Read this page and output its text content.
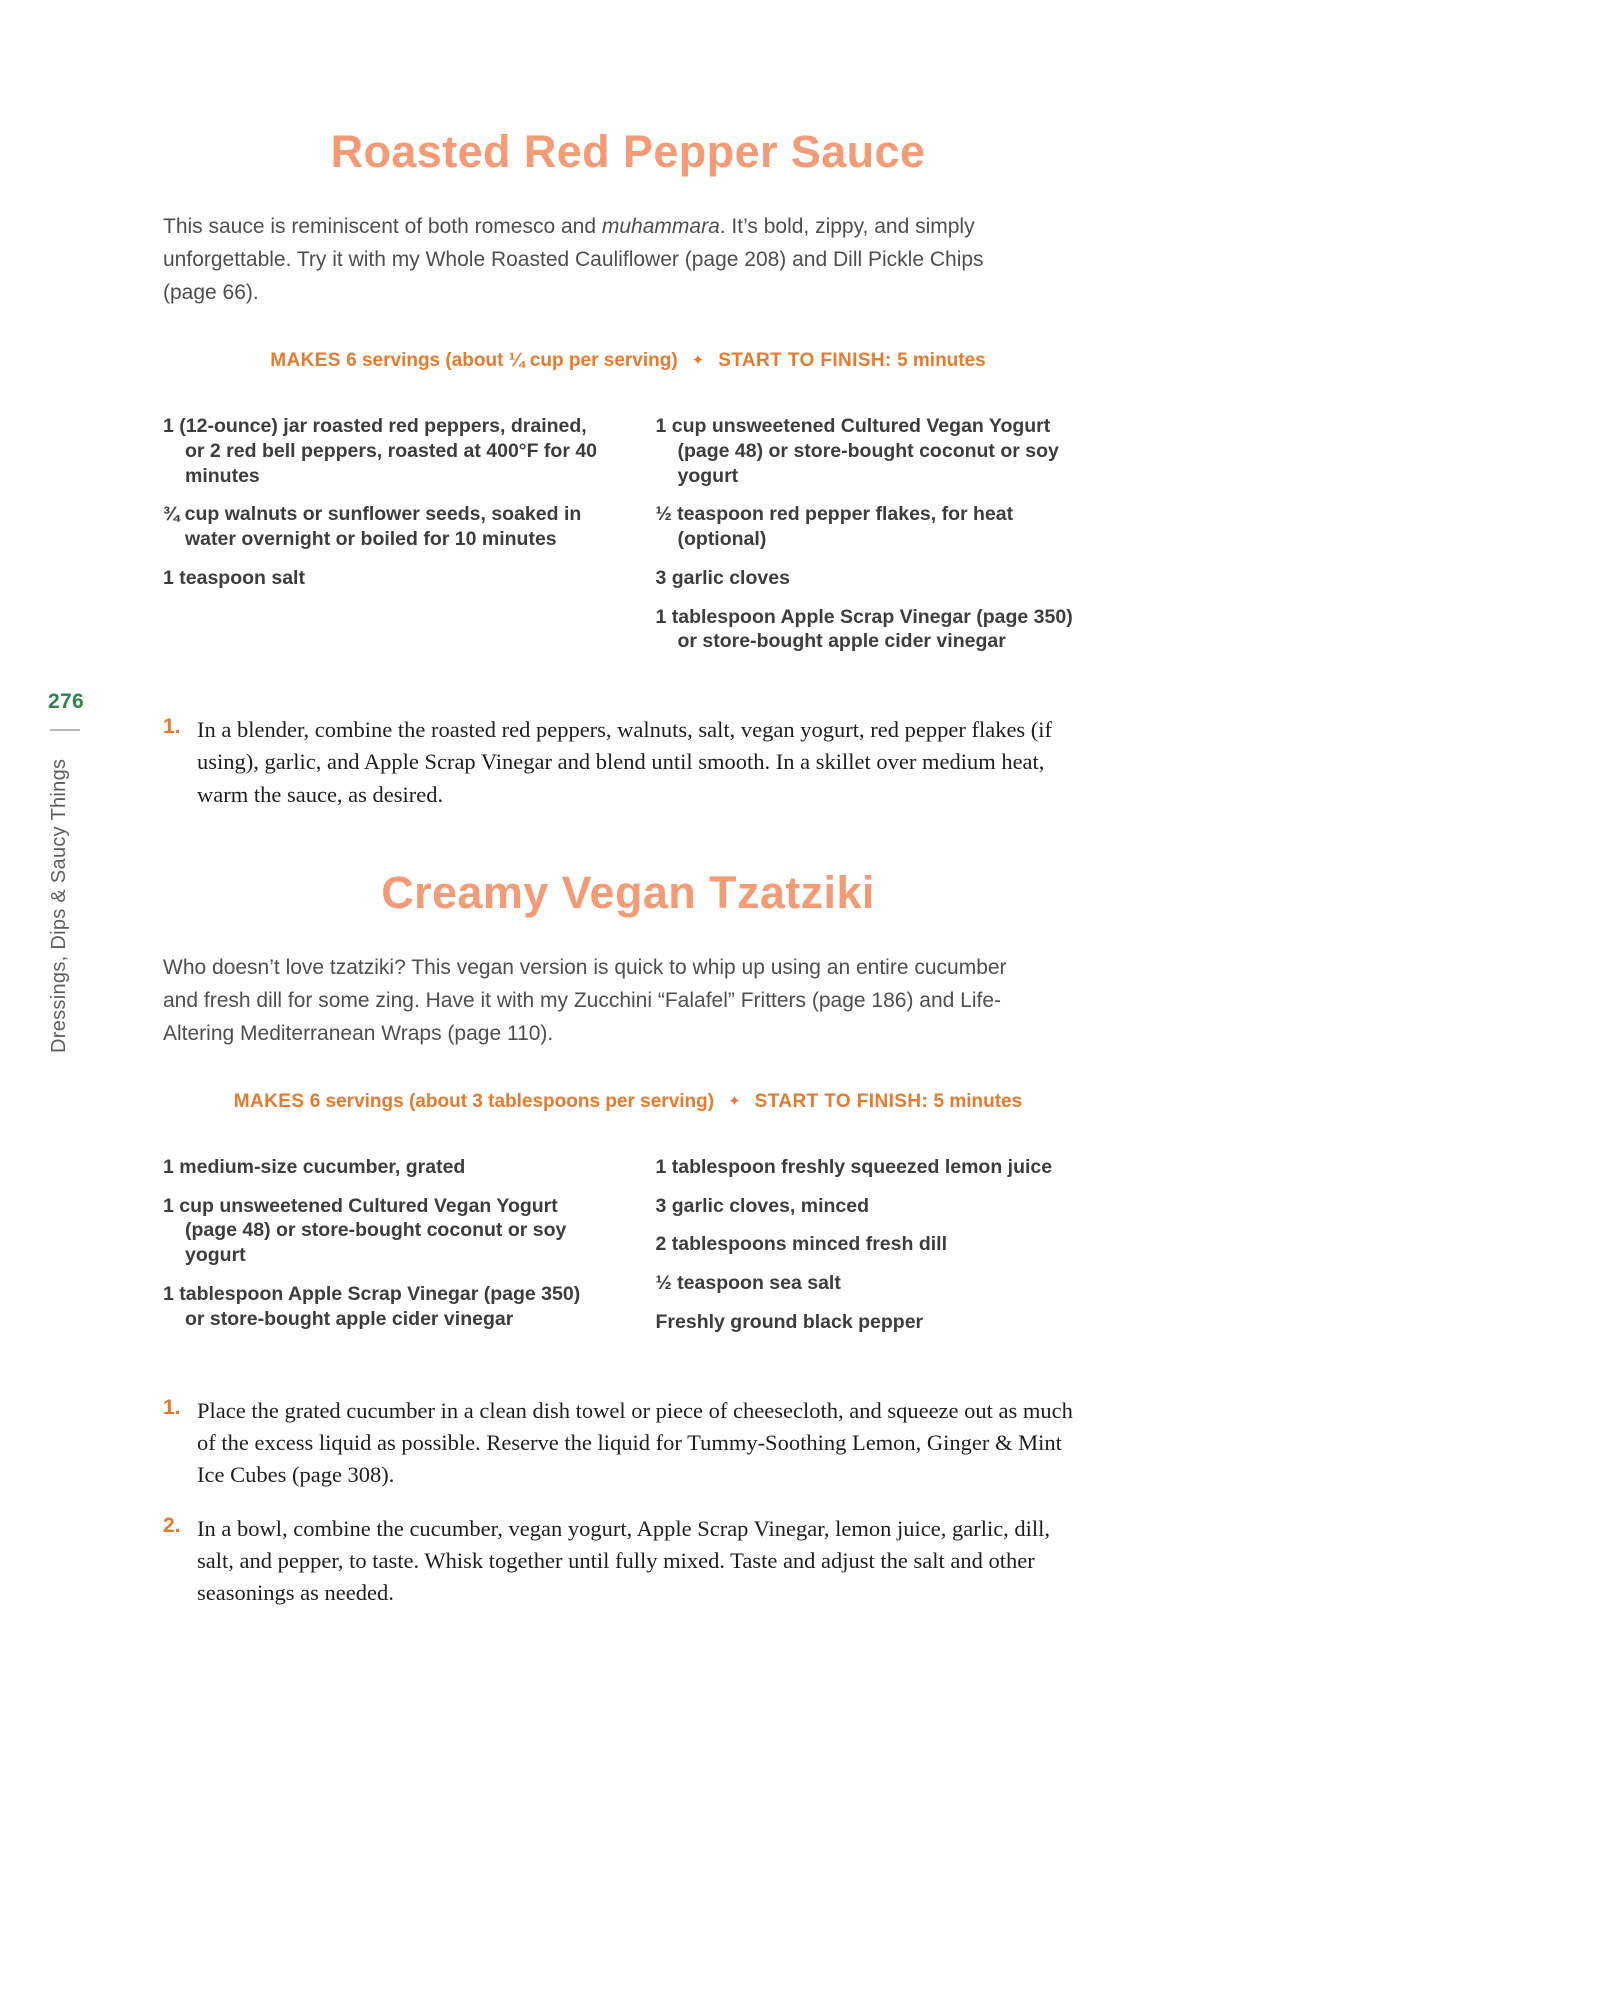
276
Dressings, Dips & Saucy Things
Roasted Red Pepper Sauce

This sauce is reminiscent of both romesco and muhammara. It’s bold, zippy, and simply unforgettable. Try it with my Whole Roasted Cauliflower (page 208) and Dill Pickle Chips (page 66).

MAKES 6 servings (about ¼ cup per serving) ✦ START TO FINISH: 5 minutes

1 (12-ounce) jar roasted red peppers, drained, or 2 red bell peppers, roasted at 400°F for 40 minutes

¾ cup walnuts or sunflower seeds, soaked in water overnight or boiled for 10 minutes

1 teaspoon salt

1 cup unsweetened Cultured Vegan Yogurt (page 48) or store-bought coconut or soy yogurt

½ teaspoon red pepper flakes, for heat (optional)

3 garlic cloves

1 tablespoon Apple Scrap Vinegar (page 350) or store-bought apple cider vinegar

1. In a blender, combine the roasted red peppers, walnuts, salt, vegan yogurt, red pepper flakes (if using), garlic, and Apple Scrap Vinegar and blend until smooth. In a skillet over medium heat, warm the sauce, as desired.
Creamy Vegan Tzatziki

Who doesn’t love tzatziki? This vegan version is quick to whip up using an entire cucumber and fresh dill for some zing. Have it with my Zucchini “Falafel” Fritters (page 186) and Life-Altering Mediterranean Wraps (page 110).

MAKES 6 servings (about 3 tablespoons per serving) ✦ START TO FINISH: 5 minutes

1 medium-size cucumber, grated

1 cup unsweetened Cultured Vegan Yogurt (page 48) or store-bought coconut or soy yogurt

1 tablespoon Apple Scrap Vinegar (page 350) or store-bought apple cider vinegar

1 tablespoon freshly squeezed lemon juice

3 garlic cloves, minced

2 tablespoons minced fresh dill

½ teaspoon sea salt

Freshly ground black pepper

1. Place the grated cucumber in a clean dish towel or piece of cheesecloth, and squeeze out as much of the excess liquid as possible. Reserve the liquid for Tummy-Soothing Lemon, Ginger & Mint Ice Cubes (page 308).
2. In a bowl, combine the cucumber, vegan yogurt, Apple Scrap Vinegar, lemon juice, garlic, dill, salt, and pepper, to taste. Whisk together until fully mixed. Taste and adjust the salt and other seasonings as needed.
